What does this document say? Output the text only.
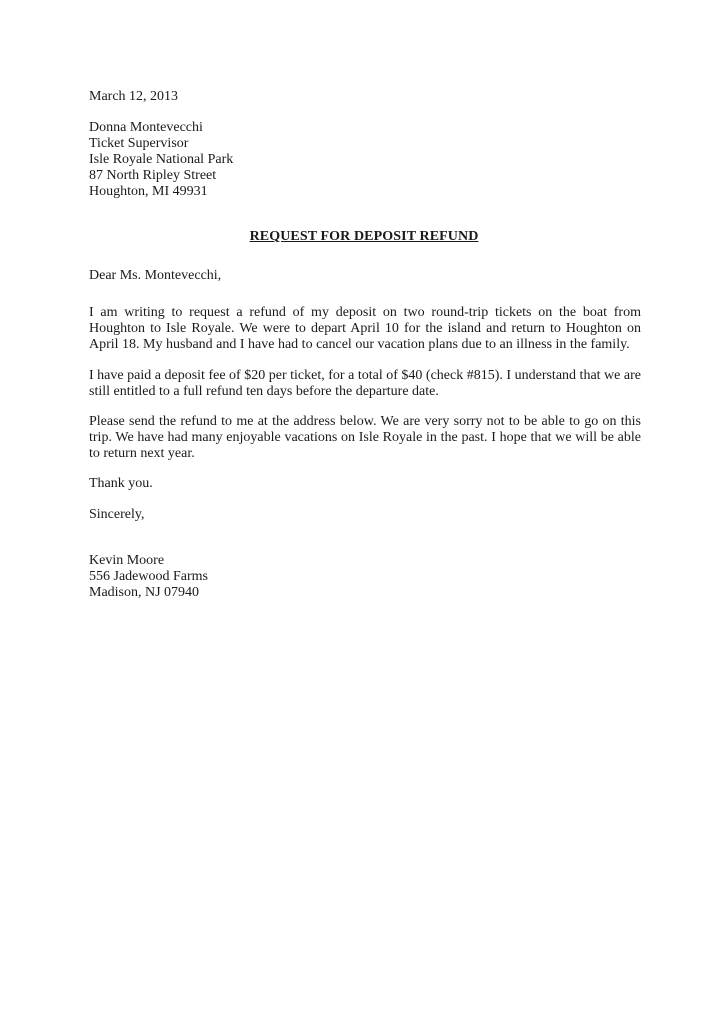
March 12, 2013
Donna Montevecchi
Ticket Supervisor
Isle Royale National Park
87 North Ripley Street
Houghton, MI 49931
REQUEST FOR DEPOSIT REFUND
Dear Ms. Montevecchi,
I am writing to request a refund of my deposit on two round-trip tickets on the boat from Houghton to Isle Royale. We were to depart April 10 for the island and return to Houghton on April 18. My husband and I have had to cancel our vacation plans due to an illness in the family.
I have paid a deposit fee of $20 per ticket, for a total of $40 (check #815). I understand that we are still entitled to a full refund ten days before the departure date.
Please send the refund to me at the address below. We are very sorry not to be able to go on this trip. We have had many enjoyable vacations on Isle Royale in the past. I hope that we will be able to return next year.
Thank you.
Sincerely,
Kevin Moore
556 Jadewood Farms
Madison, NJ 07940
